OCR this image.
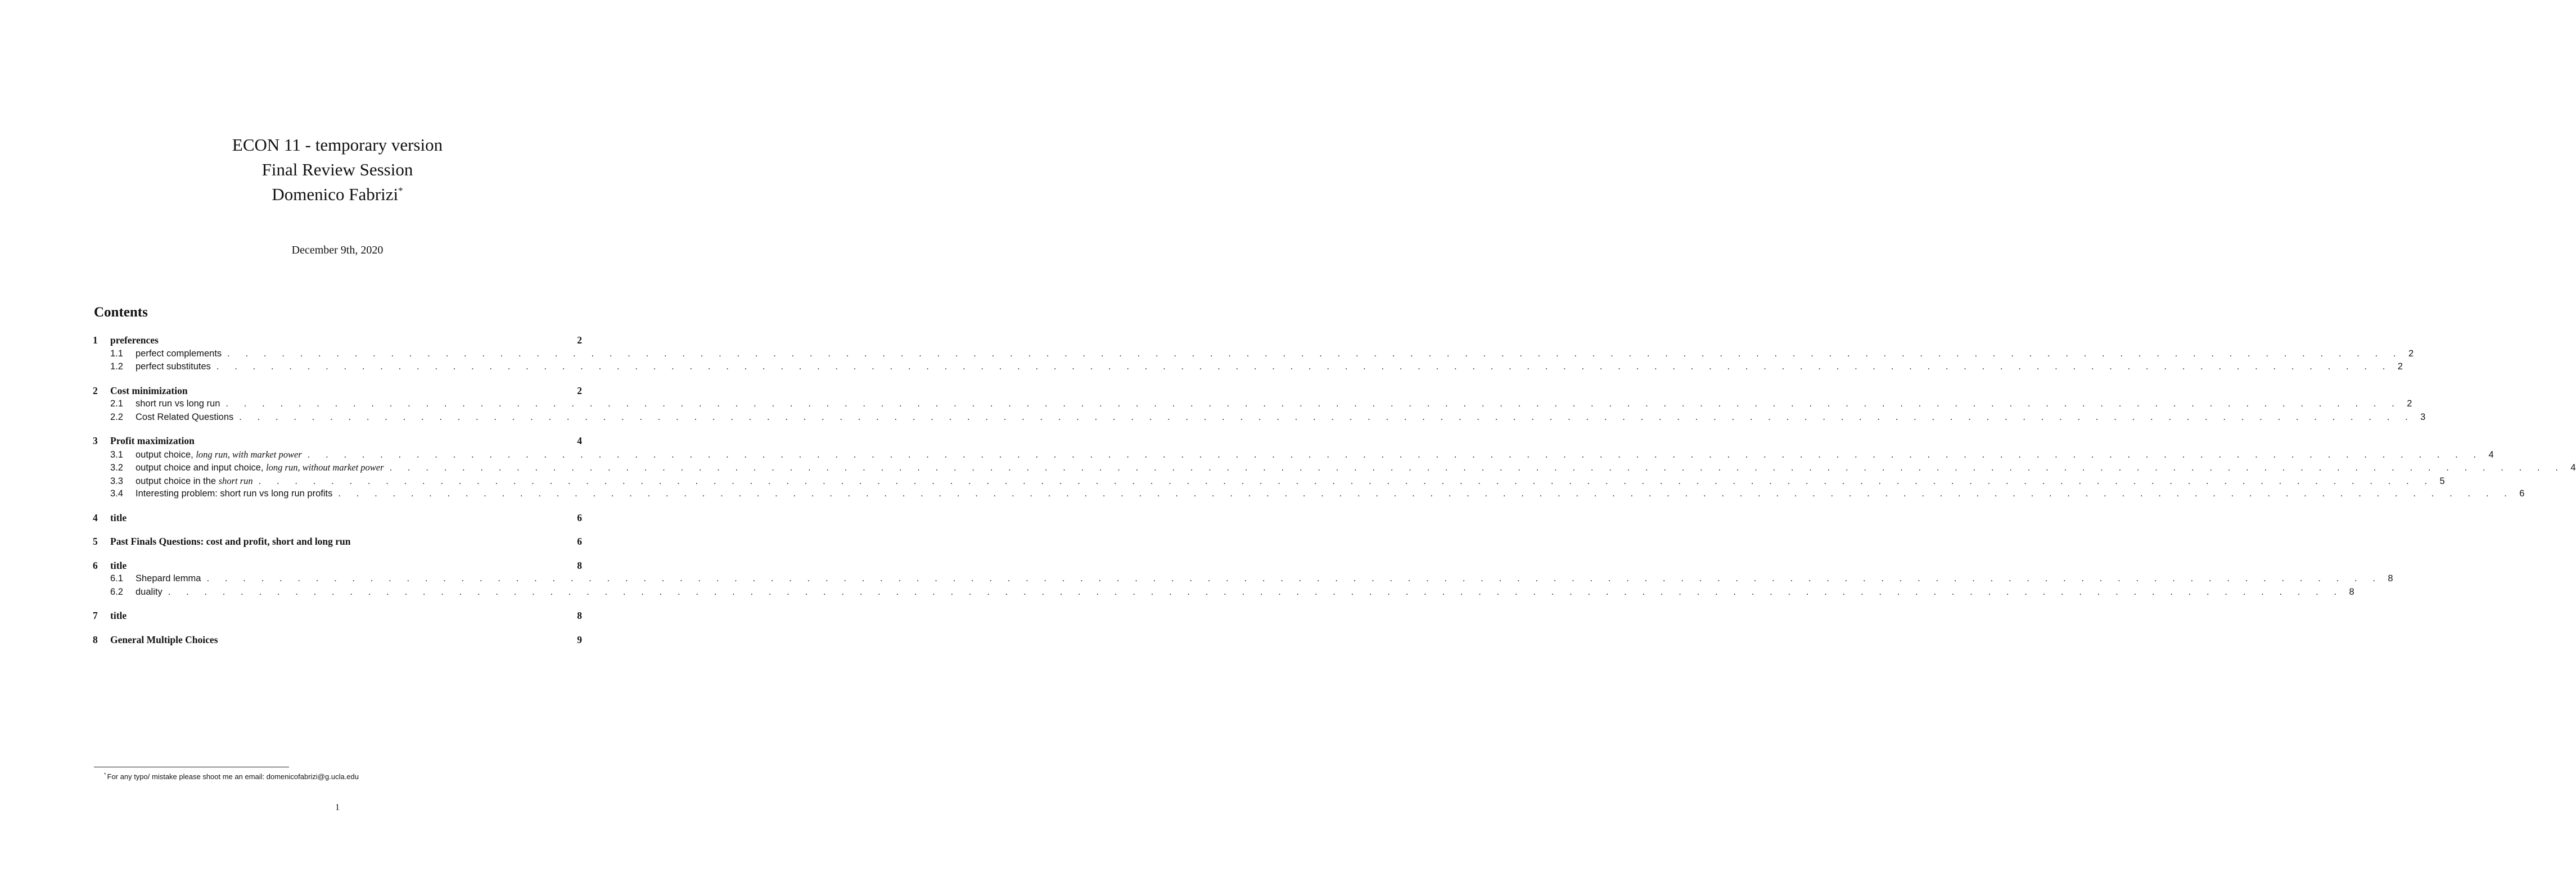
ECON 11 - temporary version
Final Review Session
Domenico Fabrizi*
December 9th, 2020
Contents
1	preferences	2
1.1	perfect complements . . . . . . . . . . . . . . . . . . . . . . . . . . . . . . . . . . . . . . . . . . . . . . . . . . . . . . . . . . . . . . . . . . . . . . . . . . . . . . . . . . . . . . . . . . . . . . . . . . . . . . . . . . . . . . . . . . . . . . . . 2
1.2	perfect substitutes . . . . . . . . . . . . . . . . . . . . . . . . . . . . . . . . . . . . . . . . . . . . . . . . . . . . . . . . . . . . . . . . . . . . . . . . . . . . . . . . . . . . . . . . . . . . . . . . . . . . . . . . . . . . . . . . . . . . . . . . 2
2	Cost minimization	2
2.1	short run vs long run . . . . . . . . . . . . . . . . . . . . . . . . . . . . . . . . . . . . . . . . . . . . . . . . . . . . . . . . . . . . . . . . . . . . . . . . . . . . . . . . . . . . . . . . . . . . . . . . . . . . . . . . . . . . . . . . . . . . . . . . 2
2.2	Cost Related Questions . . . . . . . . . . . . . . . . . . . . . . . . . . . . . . . . . . . . . . . . . . . . . . . . . . . . . . . . . . . . . . . . . . . . . . . . . . . . . . . . . . . . . . . . . . . . . . . . . . . . . . . . . . . . . . . . . . . . . . . . 3
3	Profit maximization	4
3.1	output choice, long run, with market power . . . . . . . . . . . . . . . . . . . . . . . . . . . . . . . . . . . . . . . . . . . . . . . . . . . . . . . . . . . . . . . . . . . . . . . . . . . . . . . . . . . . . . . . . . . . . . . . . . . . . . . . . . . . . . . . . . . . . . . . 4
3.2	output choice and input choice, long run, without market power . . . . . . . . . . . . . . . . . . . . . . . . . . . . . . . . . . . . . . . . . . . . . . . . . . . . . . . . . . . . . . . . . . . . . . . . . . . . . . . . . . . . . . . . . . . . . . . . . . . . . . . . . . . . . . . . . . . . . . . . 4
3.3	output choice in the short run . . . . . . . . . . . . . . . . . . . . . . . . . . . . . . . . . . . . . . . . . . . . . . . . . . . . . . . . . . . . . . . . . . . . . . . . . . . . . . . . . . . . . . . . . . . . . . . . . . . . . . . . . . . . . . . . . . . . . . . . 5
3.4	Interesting problem: short run vs long run profits . . . . . . . . . . . . . . . . . . . . . . . . . . . . . . . . . . . . . . . . . . . . . . . . . . . . . . . . . . . . . . . . . . . . . . . . . . . . . . . . . . . . . . . . . . . . . . . . . . . . . . . . . . . . . . . . . . . . . . . . 6
4	title	6
5	Past Finals Questions: cost and profit, short and long run	6
6	title	8
6.1	Shepard lemma . . . . . . . . . . . . . . . . . . . . . . . . . . . . . . . . . . . . . . . . . . . . . . . . . . . . . . . . . . . . . . . . . . . . . . . . . . . . . . . . . . . . . . . . . . . . . . . . . . . . . . . . . . . . . . . . . . . . . . . . 8
6.2	duality . . . . . . . . . . . . . . . . . . . . . . . . . . . . . . . . . . . . . . . . . . . . . . . . . . . . . . . . . . . . . . . . . . . . . . . . . . . . . . . . . . . . . . . . . . . . . . . . . . . . . . . . . . . . . . . . . . . . . . . . 8
7	title	8
8	General Multiple Choices	9
* For any typo/ mistake please shoot me an email: domenicofabrizi@g.ucla.edu
1
